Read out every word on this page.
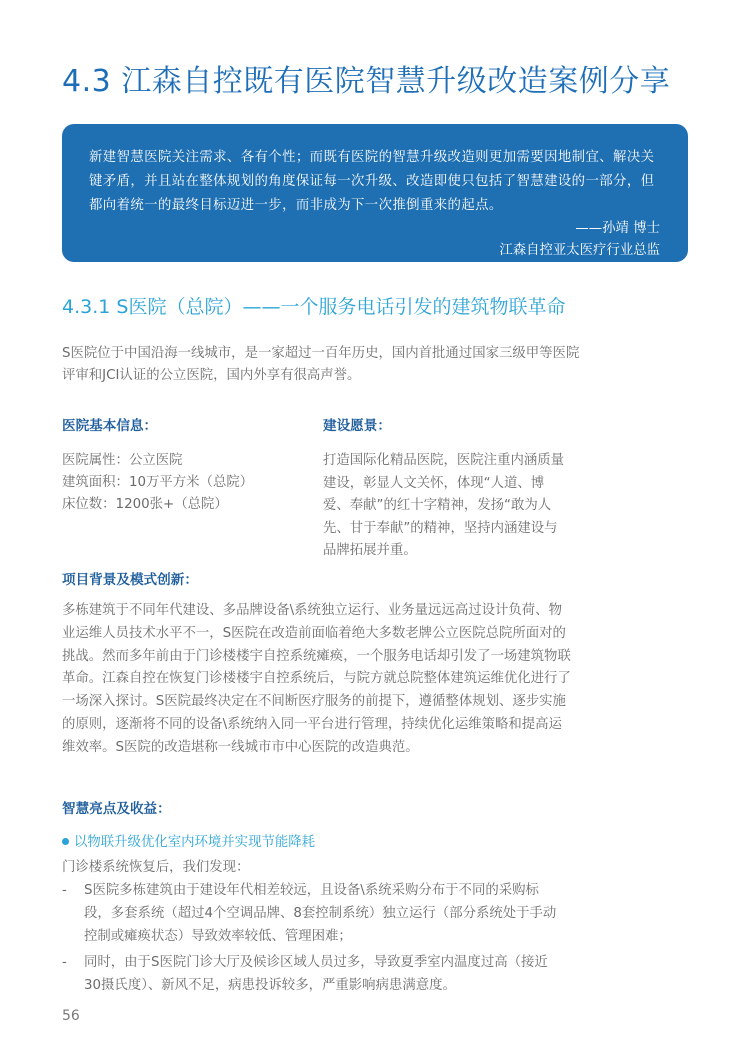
4.3 江森自控既有医院智慧升级改造案例分享

新建智慧医院关注需求、各有个性；而既有医院的智慧升级改造则更加需要因地制宜、解决关键矛盾，并且站在整体规划的角度保证每一次升级、改造即使只包括了智慧建设的一部分，但都向着统一的最终目标迈进一步，而非成为下一次推倒重来的起点。

——孙靖 博士

江森自控亚太医疗行业总监

4.3.1 S医院（总院）——一个服务电话引发的建筑物联革命

S医院位于中国沿海一线城市，是一家超过一百年历史，国内首批通过国家三级甲等医院评审和JCI认证的公立医院，国内外享有很高声誉。

医院基本信息：

医院属性：公立医院
建筑面积：10万平方米（总院）
床位数：1200张+（总院）

建设愿景：

打造国际化精品医院，医院注重内涵质量建设，彰显人文关怀，体现“人道、博爱、奉献”的红十字精神，发扬“敢为人先、甘于奉献”的精神，坚持内涵建设与品牌拓展并重。

项目背景及模式创新：

多栋建筑于不同年代建设、多品牌设备\系统独立运行、业务量远远高过设计负荷、物业运维人员技术水平不一，S医院在改造前面临着绝大多数老牌公立医院总院所面对的挑战。然而多年前由于门诊楼楼宇自控系统瘫痪，一个服务电话却引发了一场建筑物联革命。江森自控在恢复门诊楼楼宇自控系统后，与院方就总院整体建筑运维优化进行了一场深入探讨。S医院最终决定在不间断医疗服务的前提下，遵循整体规划、逐步实施的原则，逐渐将不同的设备\系统纳入同一平台进行管理，持续优化运维策略和提高运维效率。S医院的改造堪称一线城市市中心医院的改造典范。

智慧亮点及收益：

以物联升级优化室内环境并实现节能降耗

门诊楼系统恢复后，我们发现：

- S医院多栋建筑由于建设年代相差较远，且设备\系统采购分布于不同的采购标段，多套系统（超过4个空调品牌、8套控制系统）独立运行（部分系统处于手动控制或瘫痪状态）导致效率较低、管理困难；
- 同时，由于S医院门诊大厅及候诊区域人员过多，导致夏季室内温度过高（接近30摄氏度）、新风不足，病患投诉较多，严重影响病患满意度。
56
